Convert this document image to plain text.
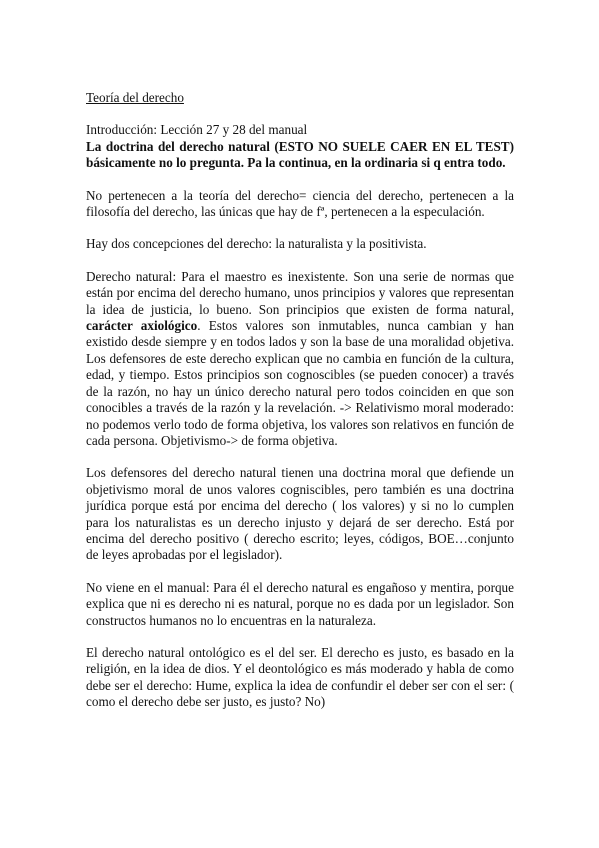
Teoría del derecho
Introducción: Lección 27 y 28 del manual
La doctrina del derecho natural (ESTO NO SUELE CAER EN EL TEST) básicamente no lo pregunta. Pa la continua, en la ordinaria si q entra todo.
No pertenecen a la teoría del derecho= ciencia del derecho, pertenecen a la filosofía del derecho, las únicas que hay de fª, pertenecen a la especulación.
Hay dos concepciones del derecho: la naturalista y la positivista.
Derecho natural: Para el maestro es inexistente. Son una serie de normas que están por encima del derecho humano, unos principios y valores que representan la idea de justicia, lo bueno. Son principios que existen de forma natural, carácter axiológico. Estos valores son inmutables, nunca cambian y han existido desde siempre y en todos lados y son la base de una moralidad objetiva. Los defensores de este derecho explican que no cambia en función de la cultura, edad, y tiempo. Estos principios son cognoscibles (se pueden conocer) a través de la razón, no hay un único derecho natural pero todos coinciden en que son conocibles a través de la razón y la revelación. -> Relativismo moral moderado: no podemos verlo todo de forma objetiva, los valores son relativos en función de cada persona. Objetivismo-> de forma objetiva.
Los defensores del derecho natural tienen una doctrina moral que defiende un objetivismo moral de unos valores cogniscibles, pero también es una doctrina jurídica porque está por encima del derecho ( los valores) y si no lo cumplen para los naturalistas es un derecho injusto y dejará de ser derecho. Está por encima del derecho positivo ( derecho escrito; leyes, códigos, BOE…conjunto de leyes aprobadas por el legislador).
No viene en el manual: Para él el derecho natural es engañoso y mentira, porque explica que ni es derecho ni es natural, porque no es dada por un legislador. Son constructos humanos no lo encuentras en la naturaleza.
El derecho natural ontológico es el del ser. El derecho es justo, es basado en la religión, en la idea de dios. Y el deontológico es más moderado y habla de como debe ser el derecho: Hume, explica la idea de confundir el deber ser con el ser: ( como el derecho debe ser justo, es justo? No)
